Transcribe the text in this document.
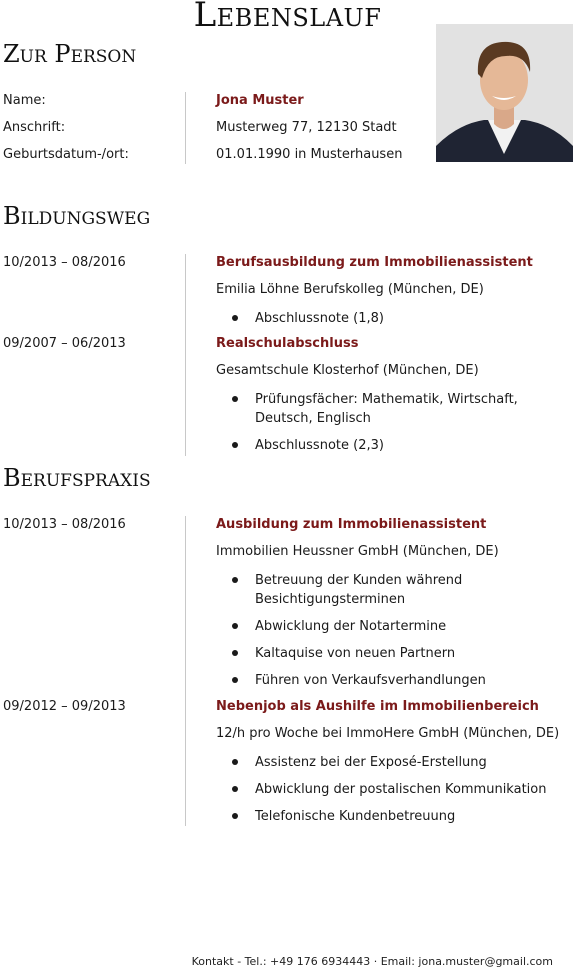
Lebenslauf
Zur Person
Name:	Jona Muster
Anschrift:	Musterweg 77, 12130 Stadt
Geburtsdatum-/ort:	01.01.1990 in Musterhausen
Bildungsweg
10/2013 – 08/2016	Berufsausbildung zum Immobilienassistent
Emilia Löhne Berufskolleg (München, DE)
Abschlussnote (1,8)
09/2007 – 06/2013	Realschulabschluss
Gesamtschule Klosterhof (München, DE)
Prüfungsfächer: Mathematik, Wirtschaft, Deutsch, Englisch
Abschlussnote (2,3)
Berufspraxis
10/2013 – 08/2016	Ausbildung zum Immobilienassistent
Immobilien Heussner GmbH (München, DE)
Betreuung der Kunden während Besichtigungsterminen
Abwicklung der Notartermine
Kaltaquise von neuen Partnern
Führen von Verkaufsverhandlungen
09/2012 – 09/2013	Nebenjob als Aushilfe im Immobilienbereich
12/h pro Woche bei ImmoHere GmbH (München, DE)
Assistenz bei der Exposé-Erstellung
Abwicklung der postalischen Kommunikation
Telefonische Kundenbetreuung
Kontakt - Tel.: +49 176 6934443 · Email: jona.muster@gmail.com
